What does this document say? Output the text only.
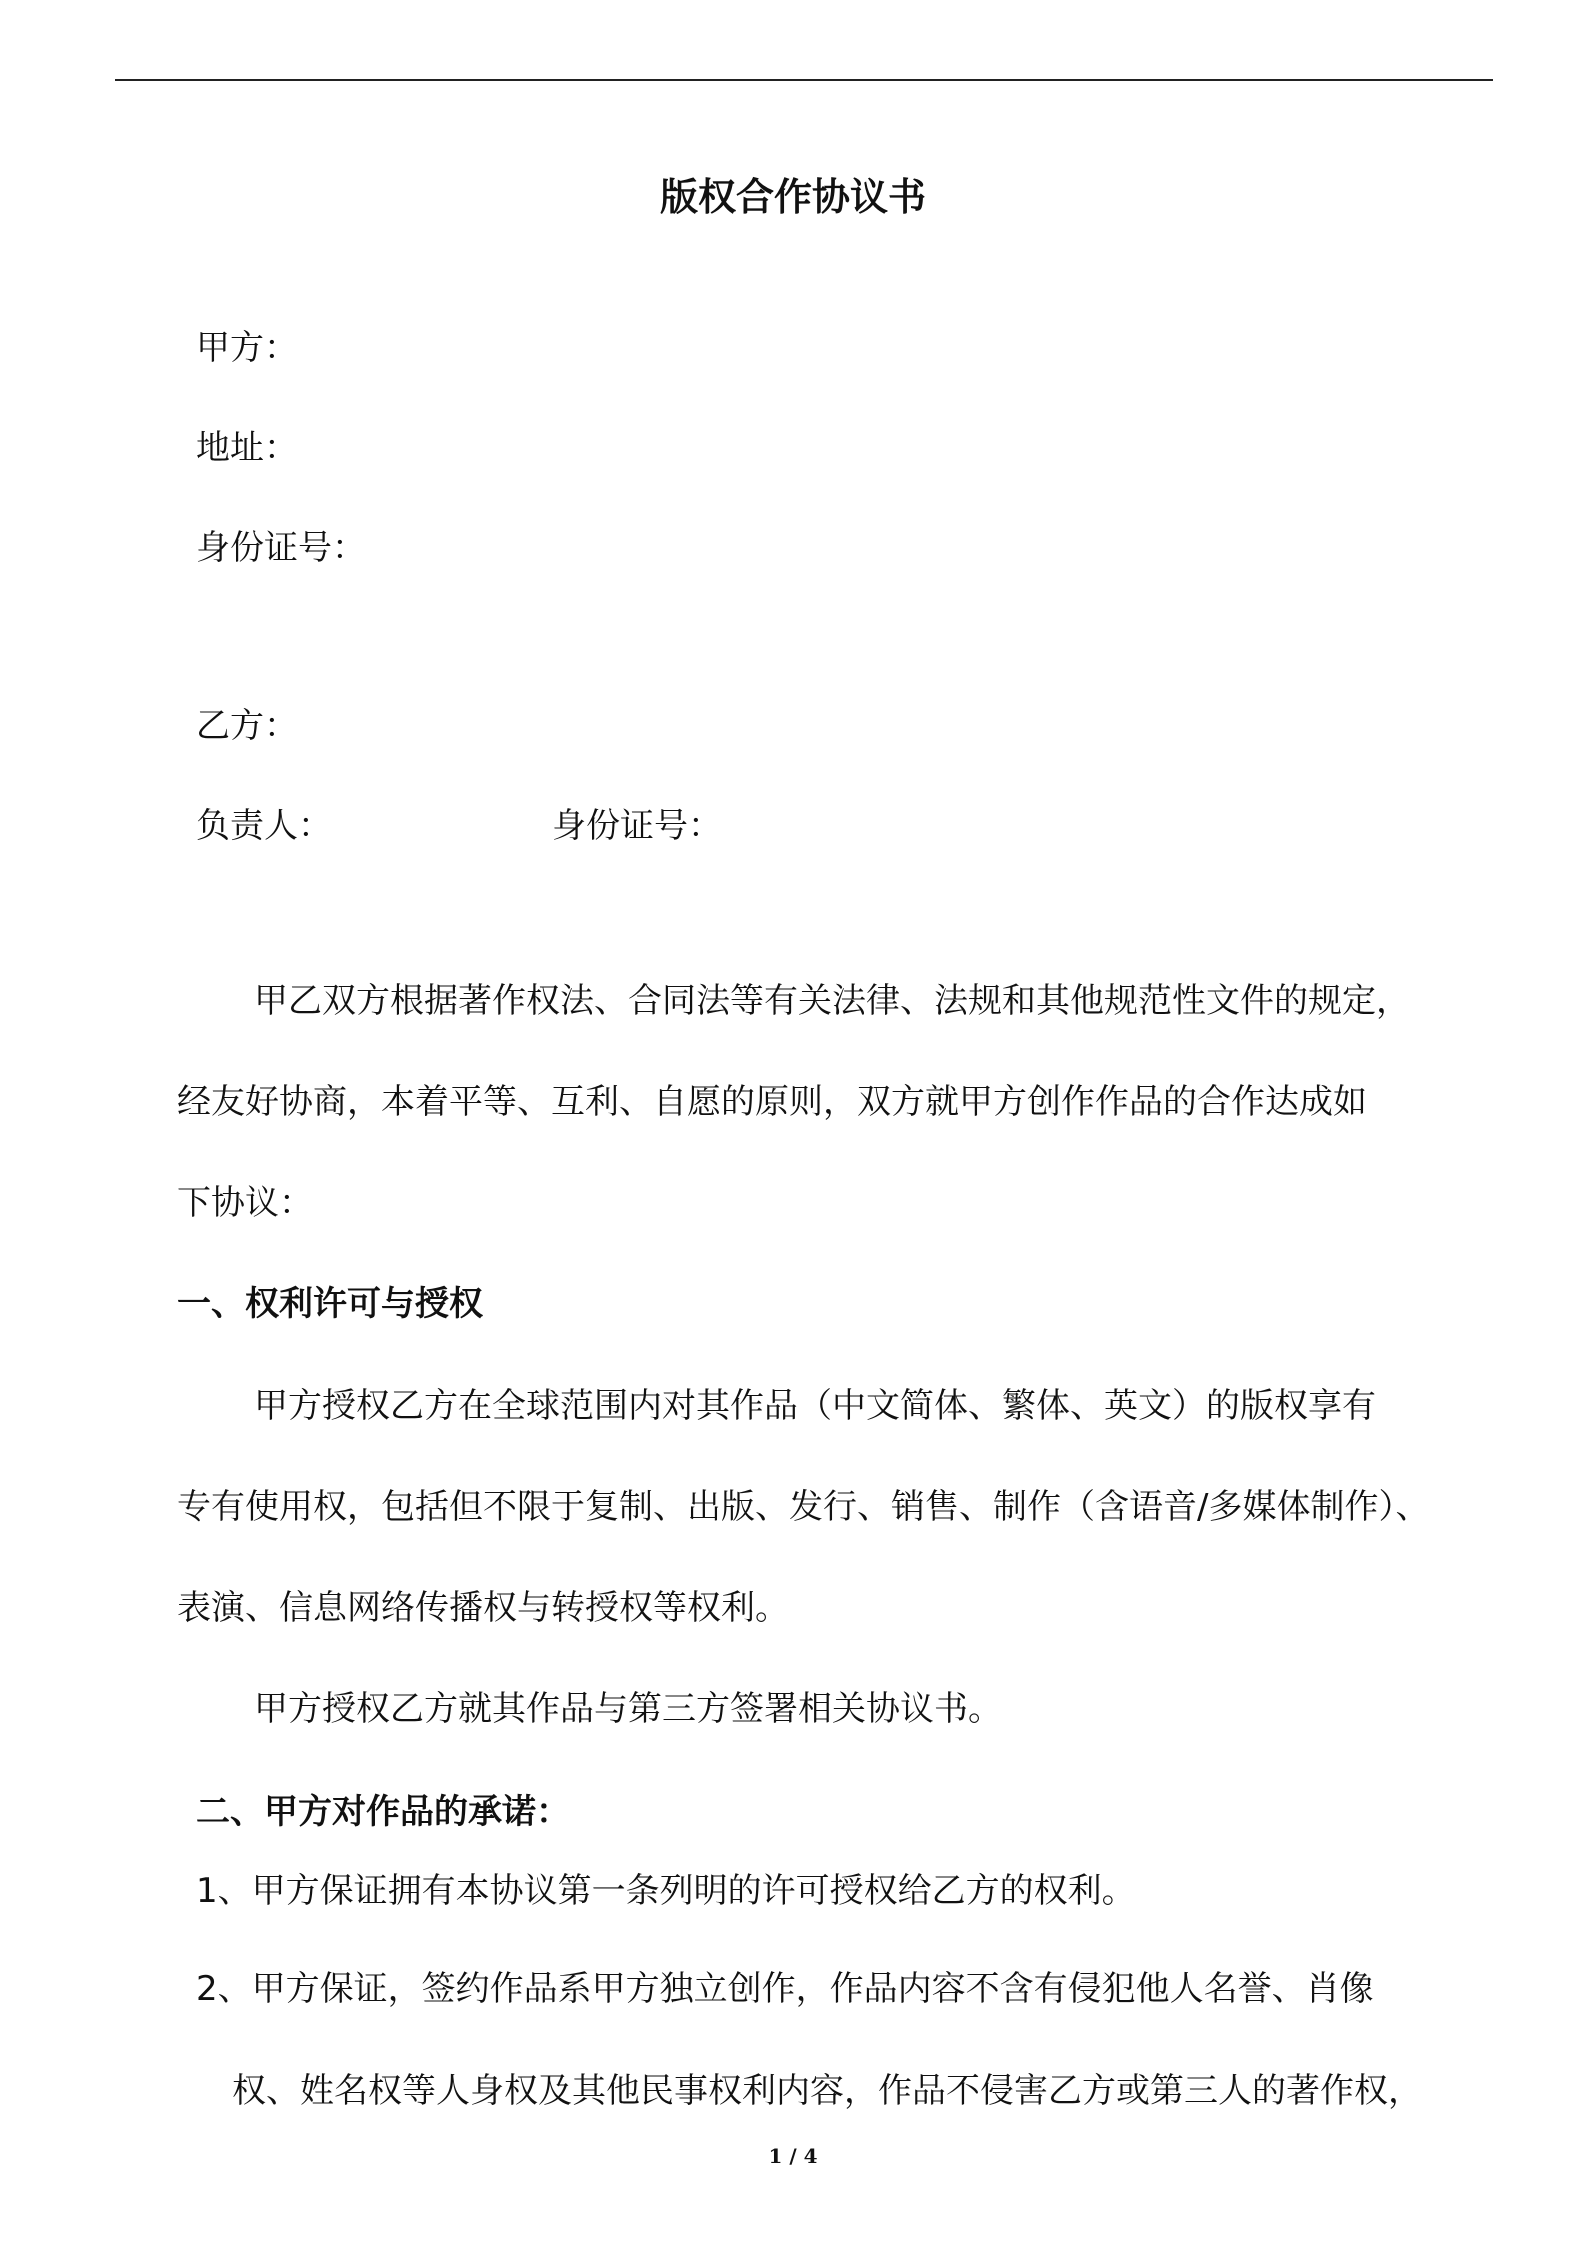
版权合作协议书
甲方：
地址：
身份证号：
乙方：
负责人：	身份证号：
甲乙双方根据著作权法、合同法等有关法律、法规和其他规范性文件的规定，
经友好协商，本着平等、互利、自愿的原则，双方就甲方创作作品的合作达成如
下协议：
一、权利许可与授权
甲方授权乙方在全球范围内对其作品（中文简体、繁体、英文）的版权享有
专有使用权，包括但不限于复制、出版、发行、销售、制作（含语音/多媒体制作）、
表演、信息网络传播权与转授权等权利。
甲方授权乙方就其作品与第三方签署相关协议书。
二、甲方对作品的承诺：
1、甲方保证拥有本协议第一条列明的许可授权给乙方的权利。
2、甲方保证，签约作品系甲方独立创作，作品内容不含有侵犯他人名誉、肖像
权、姓名权等人身权及其他民事权利内容，作品不侵害乙方或第三人的著作权，
1 / 4
